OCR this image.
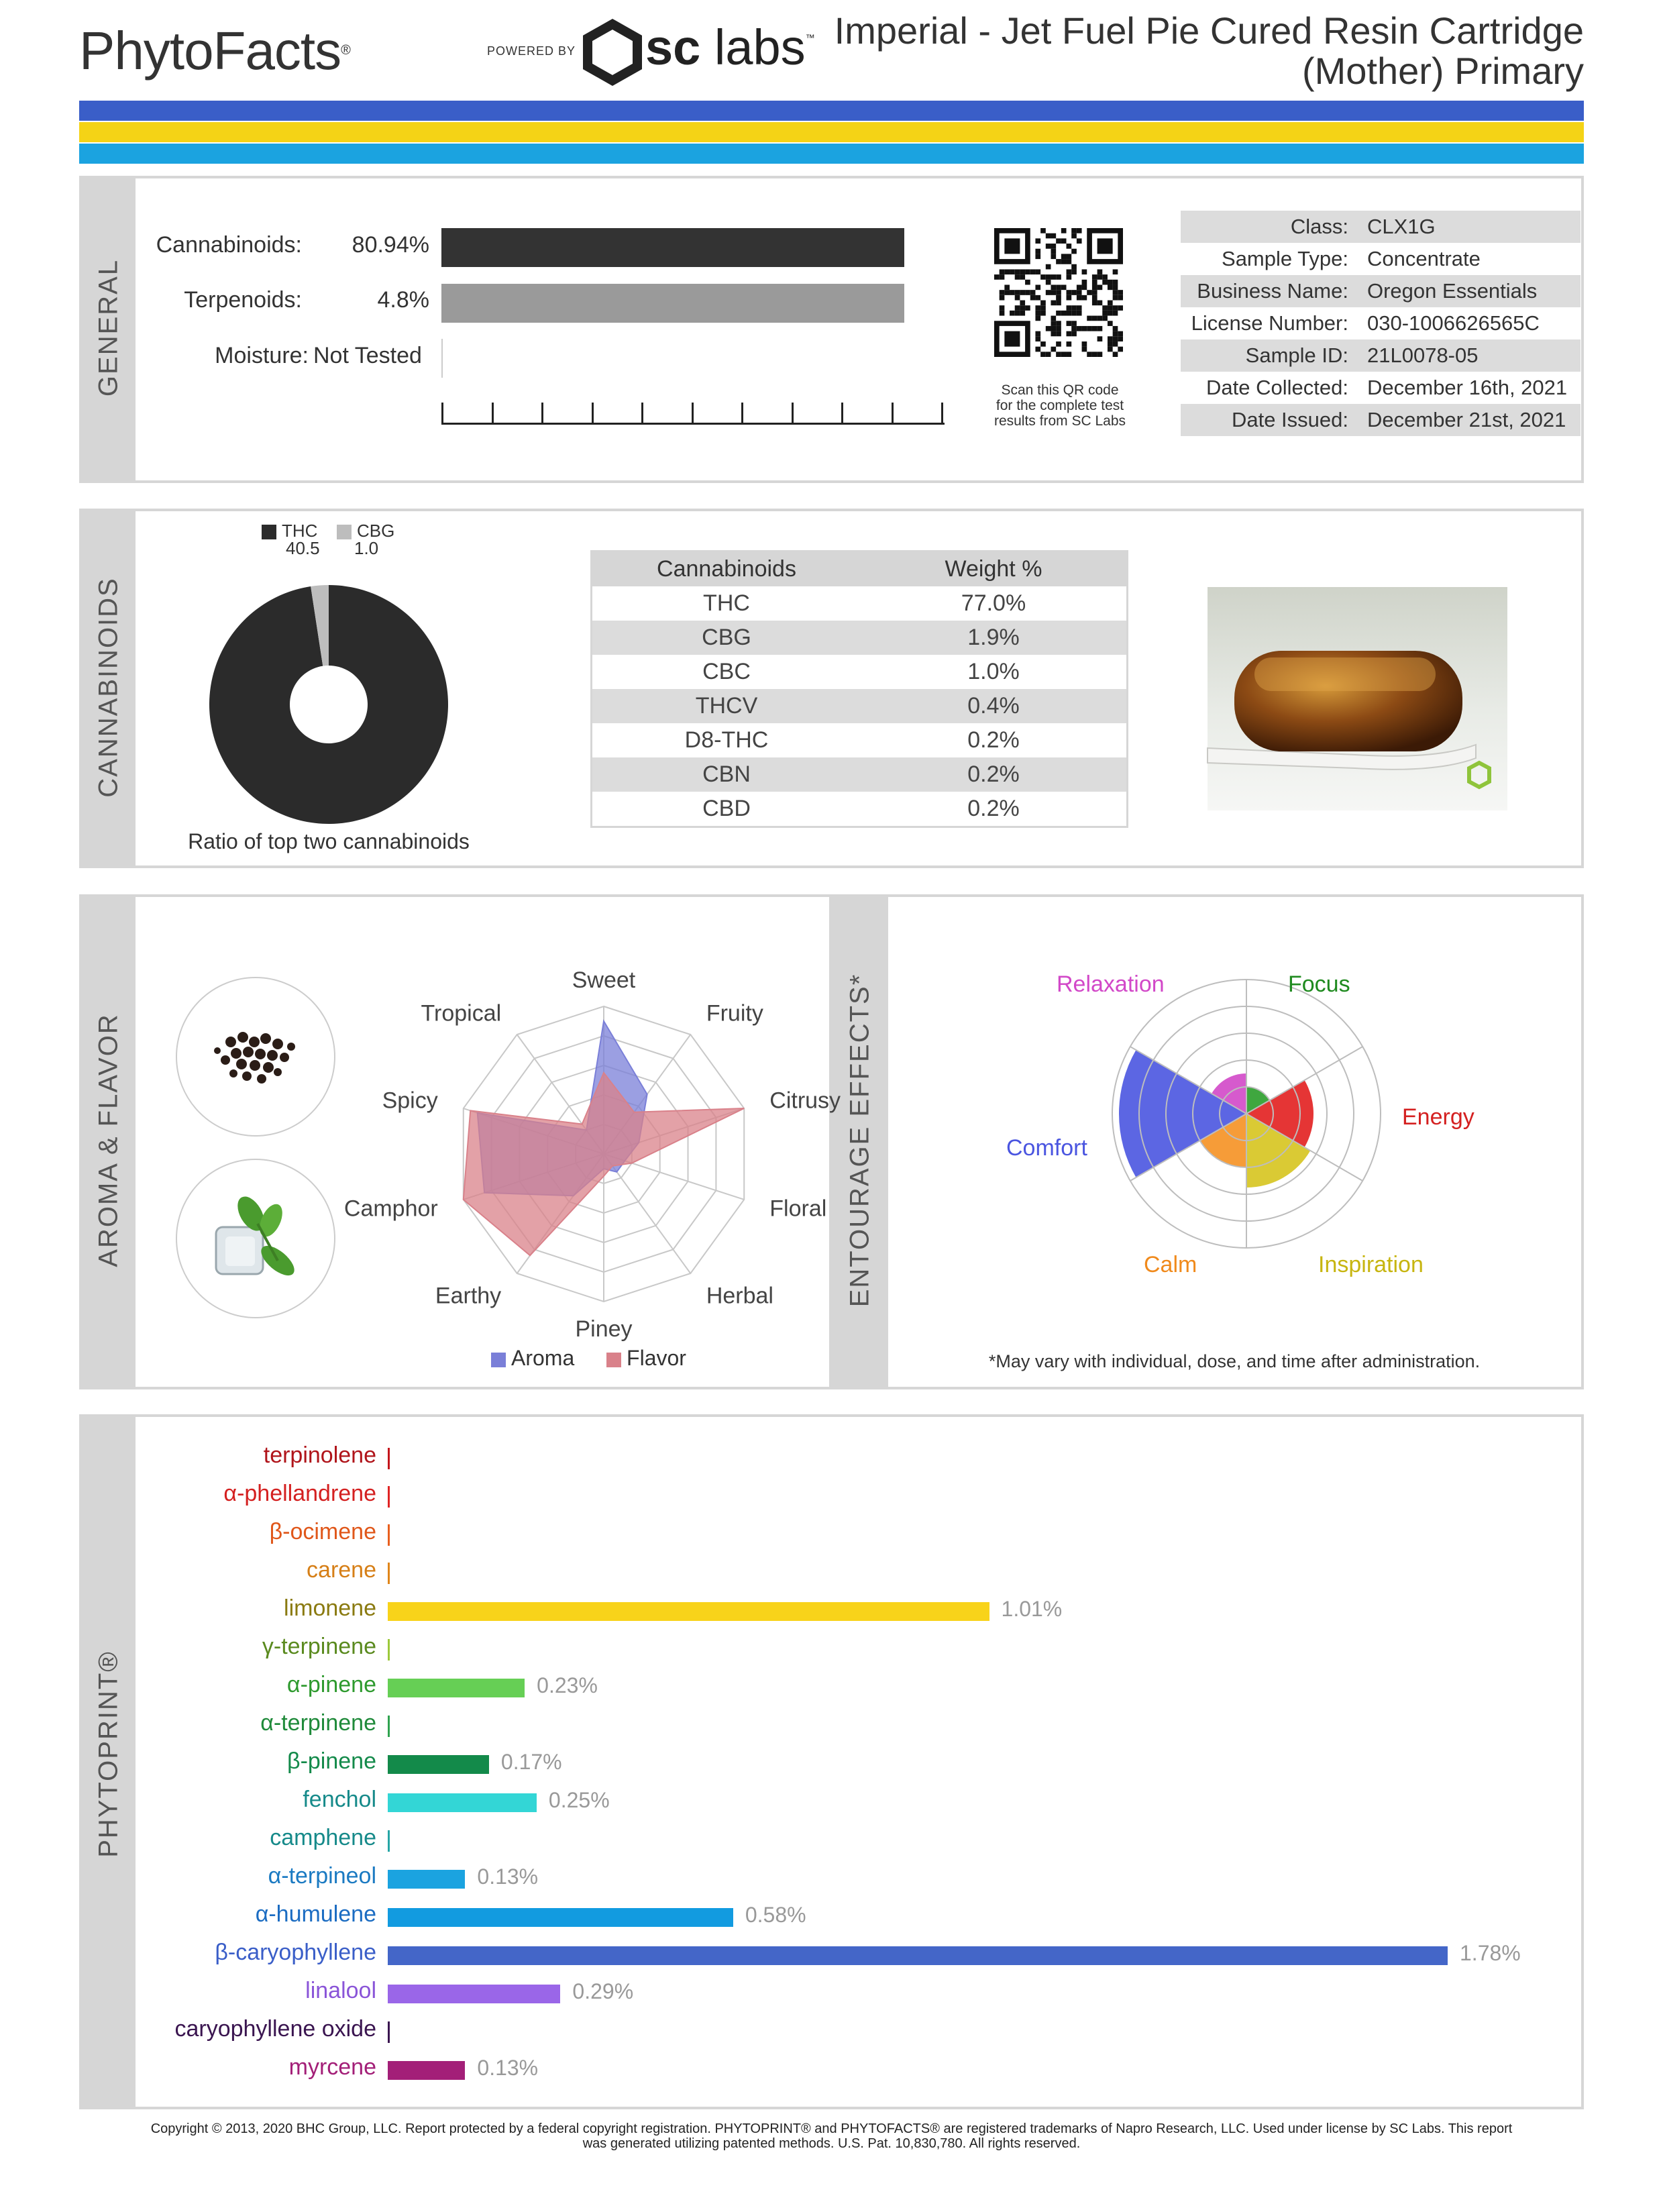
PhytoFacts®	POWERED BY sc labs™ Imperial - Jet Fuel Pie Cured Resin Cartridge
(Mother) Primary
GENERAL
Cannabinoids:	80.94%
Terpenoids:	4.8%
Moisture: Not Tested
Scan this QR code
for the complete test
results from SC Labs
Class: CLX1G
Sample Type: Concentrate
Business Name: Oregon Essentials
License Number: 030-1006626565C
Sample ID: 21L0078-05
Date Collected: December 16th, 2021
Date Issued: December 21st, 2021
CANNABINOIDS
THC
40.5
CBG
1.0
Ratio of top two cannabinoids
Cannabinoids	Weight %
THC	77.0%
CBG	1.9%
CBC	1.0%
THCV	0.4%
D8-THC	0.2%
CBN	0.2%
CBD	0.2%
AROMA & FLAVOR	ENTOURAGE EFFECTS*
Sweet
Fruity
Citrusy
Floral
Herbal
Piney
Earthy
Camphor
Spicy
Tropical
Aroma Flavor	*May vary with individual, dose, and time after administration.
PHYTOPRINT®
Copyright © 2013, 2020 BHC Group, LLC. Report protected by a federal copyright registration. PHYTOPRINT® and PHYTOFACTS® are registered trademarks of Napro Research, LLC. Used under license by SC Labs. This report
was generated utilizing patented methods. U.S. Pat. 10,830,780. All rights reserved.
Focus
Energy
Inspiration
Calm
Comfort
Relaxation
terpinolene
α-phellandrene
β-ocimene
carene
limonene	1.01%
γ-terpinene
α-pinene	0.23%
α-terpinene
β-pinene	0.17%
fenchol	0.25%
camphene
α-terpineol	0.13%
α-humulene	0.58%
β-caryophyllene	1.78%
linalool	0.29%
caryophyllene oxide
myrcene	0.13%
